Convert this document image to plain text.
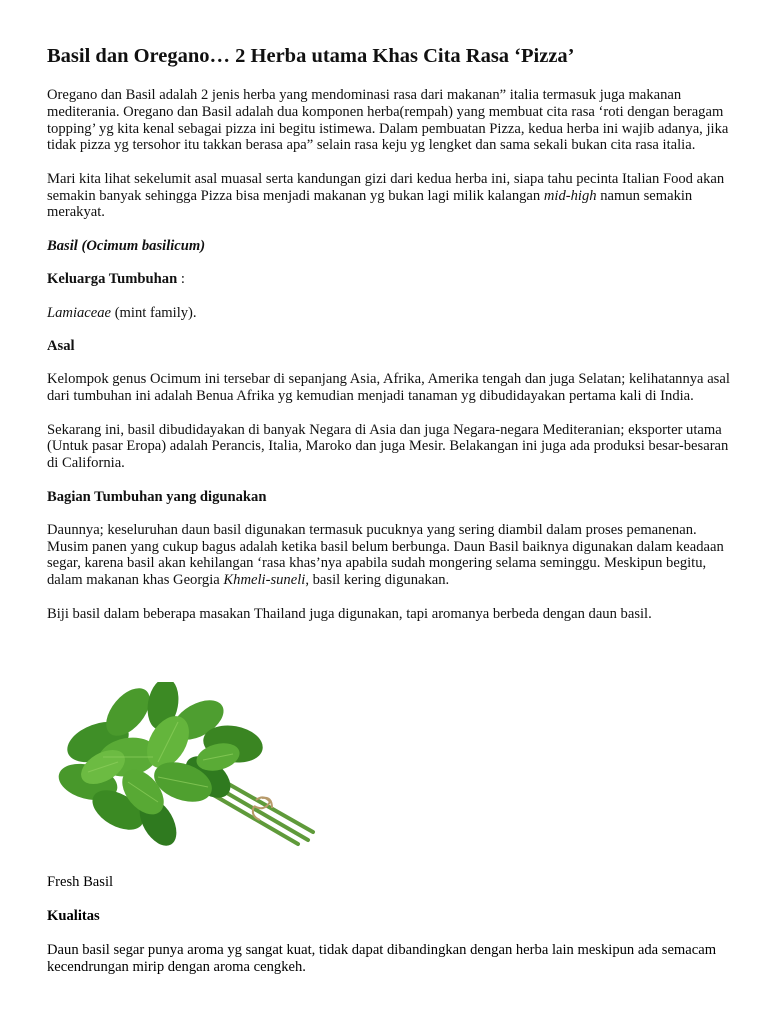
Basil dan Oregano… 2 Herba utama Khas Cita Rasa ‘Pizza’

Oregano dan Basil adalah 2 jenis herba yang mendominasi rasa dari makanan” italia termasuk juga makanan mediterania. Oregano dan Basil adalah dua komponen herba(rempah) yang membuat cita rasa ‘roti dengan beragam topping’ yg kita kenal sebagai pizza ini begitu istimewa. Dalam pembuatan Pizza, kedua herba ini wajib adanya, jika tidak pizza yg tersohor itu takkan berasa apa” selain rasa keju yg lengket dan sama sekali bukan cita rasa italia.

Mari kita lihat sekelumit asal muasal serta kandungan gizi dari kedua herba ini, siapa tahu pecinta Italian Food akan semakin banyak sehingga Pizza bisa menjadi makanan yg bukan lagi milik kalangan mid-high namun semakin merakyat.

Basil (Ocimum basilicum)

Keluarga Tumbuhan :

Lamiaceae (mint family).

Asal

Kelompok genus Ocimum ini tersebar di sepanjang Asia, Afrika, Amerika tengah dan juga Selatan; kelihatannya asal dari tumbuhan ini adalah Benua Afrika yg kemudian menjadi tanaman yg dibudidayakan pertama kali di India.

Sekarang ini, basil dibudidayakan di banyak Negara di Asia dan juga Negara-negara Mediteranian; eksporter utama (Untuk pasar Eropa) adalah Perancis, Italia, Maroko dan juga Mesir. Belakangan ini juga ada produksi besar-besaran di California.

Bagian Tumbuhan yang digunakan

Daunnya; keseluruhan daun basil digunakan termasuk pucuknya yang sering diambil dalam proses pemanenan. Musim panen yang cukup bagus adalah ketika basil belum berbunga. Daun Basil baiknya digunakan dalam keadaan segar, karena basil akan kehilangan ‘rasa khas’nya apabila sudah mongering selama seminggu. Meskipun begitu, dalam makanan khas Georgia Khmeli-suneli, basil kering digunakan.

Biji basil dalam beberapa masakan Thailand juga digunakan, tapi aromanya berbeda dengan daun basil.

Fresh Basil

Kualitas

Daun basil segar punya aroma yg sangat kuat, tidak dapat dibandingkan dengan herba lain meskipun ada semacam kecendrungan mirip dengan aroma cengkeh.
